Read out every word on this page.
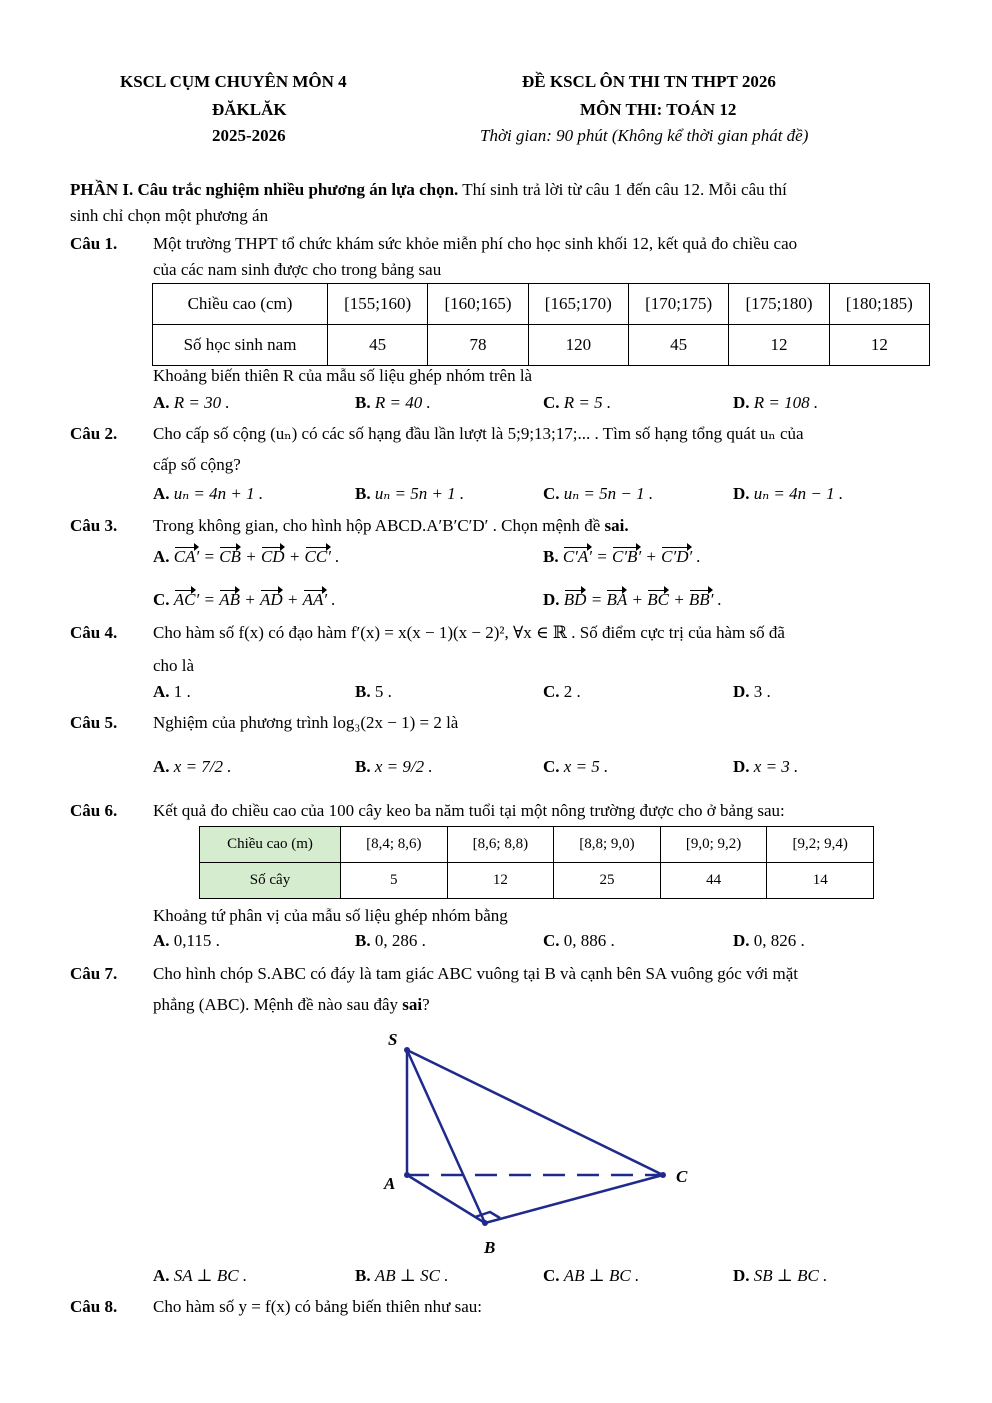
KSCL CỤM CHUYÊN MÔN 4
ĐĂKLĂK
2025-2026
ĐỀ KSCL ÔN THI TN THPT 2026
MÔN THI: TOÁN 12
Thời gian: 90 phút (Không kể thời gian phát đề)
PHẦN I. Câu trắc nghiệm nhiều phương án lựa chọn. Thí sinh trả lời từ câu 1 đến câu 12. Mỗi câu thí
sinh chỉ chọn một phương án
Câu 1. Một trường THPT tổ chức khám sức khỏe miễn phí cho học sinh khối 12, kết quả đo chiều cao
của các nam sinh được cho trong bảng sau
Chiều cao (cm)	[155;160)	[160;165)	[165;170)	[170;175)	[175;180)	[180;185)
Số học sinh nam	45	78	120	45	12	12
Khoảng biến thiên R của mẫu số liệu ghép nhóm trên là
A. R = 30 .	B. R = 40 .	C. R = 5 .	D. R = 108 .
Câu 2. Cho cấp số cộng (uₙ) có các số hạng đầu lần lượt là 5;9;13;17;... . Tìm số hạng tổng quát uₙ của
cấp số cộng?
A. uₙ = 4n + 1 .	B. uₙ = 5n + 1 .	C. uₙ = 5n − 1 .	D. uₙ = 4n − 1 .
Câu 3. Trong không gian, cho hình hộp ABCD.A′B′C′D′ . Chọn mệnh đề sai.
A. CA′ = CB + CD + CC′ .	B. C′A′ = C′B′ + C′D′ .
C. AC′ = AB + AD + AA′ .	D. BD = BA + BC + BB′ .
Câu 4. Cho hàm số f(x) có đạo hàm f′(x) = x(x − 1)(x − 2)², ∀x ∈ ℝ . Số điểm cực trị của hàm số đã
cho là
A. 1 .	B. 5 .	C. 2 .	D. 3 .
Câu 5. Nghiệm của phương trình log₃(2x − 1) = 2 là
A. x = 7/2 .	B. x = 9/2 .	C. x = 5 .	D. x = 3 .
Câu 6. Kết quả đo chiều cao của 100 cây keo ba năm tuổi tại một nông trường được cho ở bảng sau:
Chiều cao (m)	[8,4; 8,6)	[8,6; 8,8)	[8,8; 9,0)	[9,0; 9,2)	[9,2; 9,4)
Số cây	5	12	25	44	14
Khoảng tứ phân vị của mẫu số liệu ghép nhóm bằng
A. 0,115 .	B. 0, 286 .	C. 0, 886 .	D. 0, 826 .
Câu 7. Cho hình chóp S.ABC có đáy là tam giác ABC vuông tại B và cạnh bên SA vuông góc với mặt
phẳng (ABC). Mệnh đề nào sau đây sai?
S
A
B
C
A. SA ⊥ BC .	B. AB ⊥ SC .	C. AB ⊥ BC .	D. SB ⊥ BC .
Câu 8. Cho hàm số y = f(x) có bảng biến thiên như sau:
